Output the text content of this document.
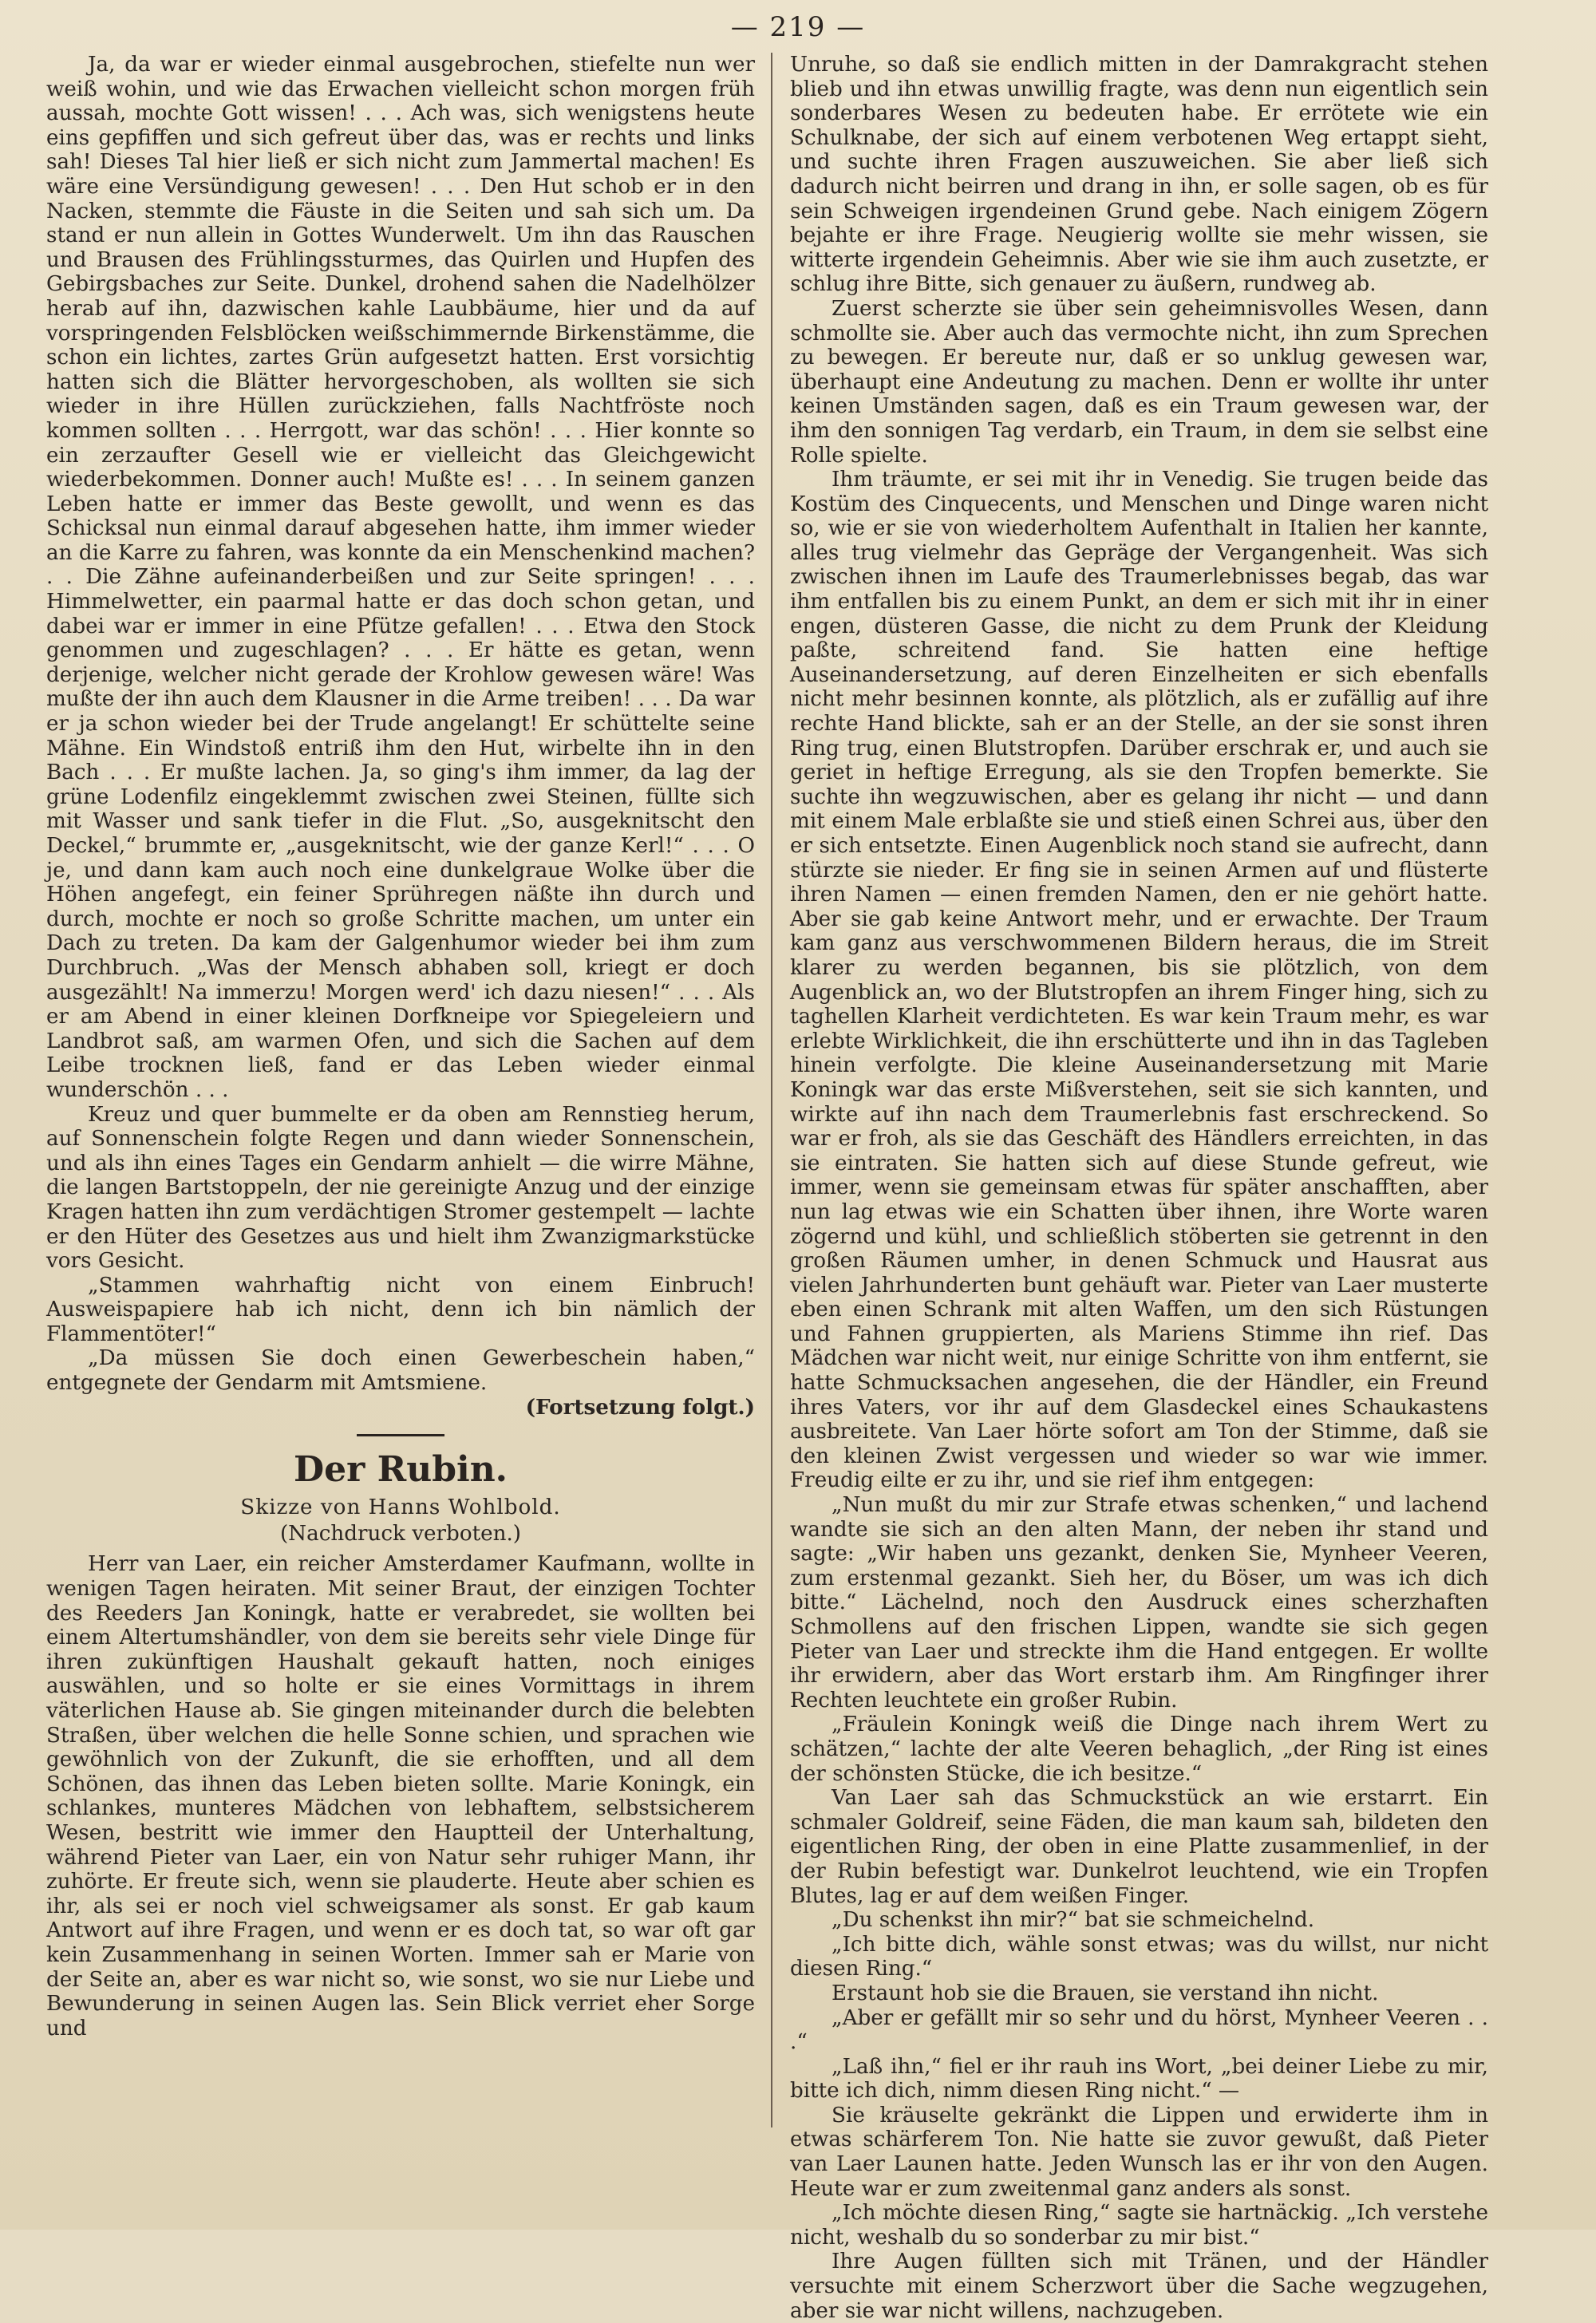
— 219 —

Ja, da war er wieder einmal ausgebrochen, stiefelte nun wer weiß wohin, und wie das Erwachen vielleicht schon morgen früh aussah, mochte Gott wissen! . . . Ach was, sich wenigstens heute eins gepfiffen und sich gefreut über das, was er rechts und links sah! Dieses Tal hier ließ er sich nicht zum Jammertal machen! Es wäre eine Versündigung gewesen! . . . Den Hut schob er in den Nacken, stemmte die Fäuste in die Seiten und sah sich um. Da stand er nun allein in Gottes Wunderwelt. Um ihn das Rauschen und Brausen des Frühlingssturmes, das Quirlen und Hupfen des Gebirgsbaches zur Seite. Dunkel, drohend sahen die Nadelhölzer herab auf ihn, dazwischen kahle Laubbäume, hier und da auf vorspringenden Felsblöcken weißschimmernde Birkenstämme, die schon ein lichtes, zartes Grün aufgesetzt hatten. Erst vorsichtig hatten sich die Blätter hervorgeschoben, als wollten sie sich wieder in ihre Hüllen zurückziehen, falls Nachtfröste noch kommen sollten . . . Herrgott, war das schön! . . . Hier konnte so ein zerzaufter Gesell wie er vielleicht das Gleichgewicht wiederbekommen. Donner auch! Mußte es! . . . In seinem ganzen Leben hatte er immer das Beste gewollt, und wenn es das Schicksal nun einmal darauf abgesehen hatte, ihm immer wieder an die Karre zu fahren, was konnte da ein Menschenkind machen? . . Die Zähne aufeinanderbeißen und zur Seite springen! . . . Himmelwetter, ein paarmal hatte er das doch schon getan, und dabei war er immer in eine Pfütze gefallen! . . . Etwa den Stock genommen und zugeschlagen? . . . Er hätte es getan, wenn derjenige, welcher nicht gerade der Krohlow gewesen wäre! Was mußte der ihn auch dem Klausner in die Arme treiben! . . . Da war er ja schon wieder bei der Trude angelangt! Er schüttelte seine Mähne. Ein Windstoß entriß ihm den Hut, wirbelte ihn in den Bach . . . Er mußte lachen. Ja, so ging's ihm immer, da lag der grüne Lodenfilz eingeklemmt zwischen zwei Steinen, füllte sich mit Wasser und sank tiefer in die Flut. „So, ausgeknitscht den Deckel,“ brummte er, „ausgeknitscht, wie der ganze Kerl!“ . . . O je, und dann kam auch noch eine dunkelgraue Wolke über die Höhen angefegt, ein feiner Sprühregen näßte ihn durch und durch, mochte er noch so große Schritte machen, um unter ein Dach zu treten. Da kam der Galgenhumor wieder bei ihm zum Durchbruch. „Was der Mensch abhaben soll, kriegt er doch ausgezählt! Na immerzu! Morgen werd' ich dazu niesen!“ . . . Als er am Abend in einer kleinen Dorfkneipe vor Spiegeleiern und Landbrot saß, am warmen Ofen, und sich die Sachen auf dem Leibe trocknen ließ, fand er das Leben wieder einmal wunderschön . . .

Kreuz und quer bummelte er da oben am Rennstieg herum, auf Sonnenschein folgte Regen und dann wieder Sonnenschein, und als ihn eines Tages ein Gendarm anhielt — die wirre Mähne, die langen Bartstoppeln, der nie gereinigte Anzug und der einzige Kragen hatten ihn zum verdächtigen Stromer gestempelt — lachte er den Hüter des Gesetzes aus und hielt ihm Zwanzigmarkstücke vors Gesicht.

„Stammen wahrhaftig nicht von einem Einbruch! Ausweispapiere hab ich nicht, denn ich bin nämlich der Flammentöter!“

„Da müssen Sie doch einen Gewerbeschein haben,“ entgegnete der Gendarm mit Amtsmiene.

(Fortsetzung folgt.)
Der Rubin.
Skizze von Hanns Wohlbold.
(Nachdruck verboten.)

Herr van Laer, ein reicher Amsterdamer Kaufmann, wollte in wenigen Tagen heiraten. Mit seiner Braut, der einzigen Tochter des Reeders Jan Koningk, hatte er verabredet, sie wollten bei einem Altertumshändler, von dem sie bereits sehr viele Dinge für ihren zukünftigen Haushalt gekauft hatten, noch einiges auswählen, und so holte er sie eines Vormittags in ihrem väterlichen Hause ab. Sie gingen miteinander durch die belebten Straßen, über welchen die helle Sonne schien, und sprachen wie gewöhnlich von der Zukunft, die sie erhofften, und all dem Schönen, das ihnen das Leben bieten sollte. Marie Koningk, ein schlankes, munteres Mädchen von lebhaftem, selbstsicherem Wesen, bestritt wie immer den Hauptteil der Unterhaltung, während Pieter van Laer, ein von Natur sehr ruhiger Mann, ihr zuhörte. Er freute sich, wenn sie plauderte. Heute aber schien es ihr, als sei er noch viel schweigsamer als sonst. Er gab kaum Antwort auf ihre Fragen, und wenn er es doch tat, so war oft gar kein Zusammenhang in seinen Worten. Immer sah er Marie von der Seite an, aber es war nicht so, wie sonst, wo sie nur Liebe und Bewunderung in seinen Augen las. Sein Blick verriet eher Sorge und

Unruhe, so daß sie endlich mitten in der Damrakgracht stehen blieb und ihn etwas unwillig fragte, was denn nun eigentlich sein sonderbares Wesen zu bedeuten habe. Er errötete wie ein Schulknabe, der sich auf einem verbotenen Weg ertappt sieht, und suchte ihren Fragen auszuweichen. Sie aber ließ sich dadurch nicht beirren und drang in ihn, er solle sagen, ob es für sein Schweigen irgendeinen Grund gebe. Nach einigem Zögern bejahte er ihre Frage. Neugierig wollte sie mehr wissen, sie witterte irgendein Geheimnis. Aber wie sie ihm auch zusetzte, er schlug ihre Bitte, sich genauer zu äußern, rundweg ab.

Zuerst scherzte sie über sein geheimnisvolles Wesen, dann schmollte sie. Aber auch das vermochte nicht, ihn zum Sprechen zu bewegen. Er bereute nur, daß er so unklug gewesen war, überhaupt eine Andeutung zu machen. Denn er wollte ihr unter keinen Umständen sagen, daß es ein Traum gewesen war, der ihm den sonnigen Tag verdarb, ein Traum, in dem sie selbst eine Rolle spielte.

Ihm träumte, er sei mit ihr in Venedig. Sie trugen beide das Kostüm des Cinquecents, und Menschen und Dinge waren nicht so, wie er sie von wiederholtem Aufenthalt in Italien her kannte, alles trug vielmehr das Gepräge der Vergangenheit. Was sich zwischen ihnen im Laufe des Traumerlebnisses begab, das war ihm entfallen bis zu einem Punkt, an dem er sich mit ihr in einer engen, düsteren Gasse, die nicht zu dem Prunk der Kleidung paßte, schreitend fand. Sie hatten eine heftige Auseinandersetzung, auf deren Einzelheiten er sich ebenfalls nicht mehr besinnen konnte, als plötzlich, als er zufällig auf ihre rechte Hand blickte, sah er an der Stelle, an der sie sonst ihren Ring trug, einen Blutstropfen. Darüber erschrak er, und auch sie geriet in heftige Erregung, als sie den Tropfen bemerkte. Sie suchte ihn wegzuwischen, aber es gelang ihr nicht — und dann mit einem Male erblaßte sie und stieß einen Schrei aus, über den er sich entsetzte. Einen Augenblick noch stand sie aufrecht, dann stürzte sie nieder. Er fing sie in seinen Armen auf und flüsterte ihren Namen — einen fremden Namen, den er nie gehört hatte. Aber sie gab keine Antwort mehr, und er erwachte. Der Traum kam ganz aus verschwommenen Bildern heraus, die im Streit klarer zu werden begannen, bis sie plötzlich, von dem Augenblick an, wo der Blutstropfen an ihrem Finger hing, sich zu taghellen Klarheit verdichteten. Es war kein Traum mehr, es war erlebte Wirklichkeit, die ihn erschütterte und ihn in das Tagleben hinein verfolgte. Die kleine Auseinandersetzung mit Marie Koningk war das erste Mißverstehen, seit sie sich kannten, und wirkte auf ihn nach dem Traumerlebnis fast erschreckend. So war er froh, als sie das Geschäft des Händlers erreichten, in das sie eintraten. Sie hatten sich auf diese Stunde gefreut, wie immer, wenn sie gemeinsam etwas für später anschafften, aber nun lag etwas wie ein Schatten über ihnen, ihre Worte waren zögernd und kühl, und schließlich stöberten sie getrennt in den großen Räumen umher, in denen Schmuck und Hausrat aus vielen Jahrhunderten bunt gehäuft war. Pieter van Laer musterte eben einen Schrank mit alten Waffen, um den sich Rüstungen und Fahnen gruppierten, als Mariens Stimme ihn rief. Das Mädchen war nicht weit, nur einige Schritte von ihm entfernt, sie hatte Schmucksachen angesehen, die der Händler, ein Freund ihres Vaters, vor ihr auf dem Glasdeckel eines Schaukastens ausbreitete. Van Laer hörte sofort am Ton der Stimme, daß sie den kleinen Zwist vergessen und wieder so war wie immer. Freudig eilte er zu ihr, und sie rief ihm entgegen:

„Nun mußt du mir zur Strafe etwas schenken,“ und lachend wandte sie sich an den alten Mann, der neben ihr stand und sagte: „Wir haben uns gezankt, denken Sie, Mynheer Veeren, zum erstenmal gezankt. Sieh her, du Böser, um was ich dich bitte.“ Lächelnd, noch den Ausdruck eines scherzhaften Schmollens auf den frischen Lippen, wandte sie sich gegen Pieter van Laer und streckte ihm die Hand entgegen. Er wollte ihr erwidern, aber das Wort erstarb ihm. Am Ringfinger ihrer Rechten leuchtete ein großer Rubin.

„Fräulein Koningk weiß die Dinge nach ihrem Wert zu schätzen,“ lachte der alte Veeren behaglich, „der Ring ist eines der schönsten Stücke, die ich besitze.“

Van Laer sah das Schmuckstück an wie erstarrt. Ein schmaler Goldreif, seine Fäden, die man kaum sah, bildeten den eigentlichen Ring, der oben in eine Platte zusammenlief, in der der Rubin befestigt war. Dunkelrot leuchtend, wie ein Tropfen Blutes, lag er auf dem weißen Finger.

„Du schenkst ihn mir?“ bat sie schmeichelnd.

„Ich bitte dich, wähle sonst etwas; was du willst, nur nicht diesen Ring.“

Erstaunt hob sie die Brauen, sie verstand ihn nicht.

„Aber er gefällt mir so sehr und du hörst, Mynheer Veeren . . .“

„Laß ihn,“ fiel er ihr rauh ins Wort, „bei deiner Liebe zu mir, bitte ich dich, nimm diesen Ring nicht.“ —

Sie kräuselte gekränkt die Lippen und erwiderte ihm in etwas schärferem Ton. Nie hatte sie zuvor gewußt, daß Pieter van Laer Launen hatte. Jeden Wunsch las er ihr von den Augen. Heute war er zum zweitenmal ganz anders als sonst.

„Ich möchte diesen Ring,“ sagte sie hartnäckig. „Ich verstehe nicht, weshalb du so sonderbar zu mir bist.“

Ihre Augen füllten sich mit Tränen, und der Händler versuchte mit einem Scherzwort über die Sache wegzugehen, aber sie war nicht willens, nachzugeben.
